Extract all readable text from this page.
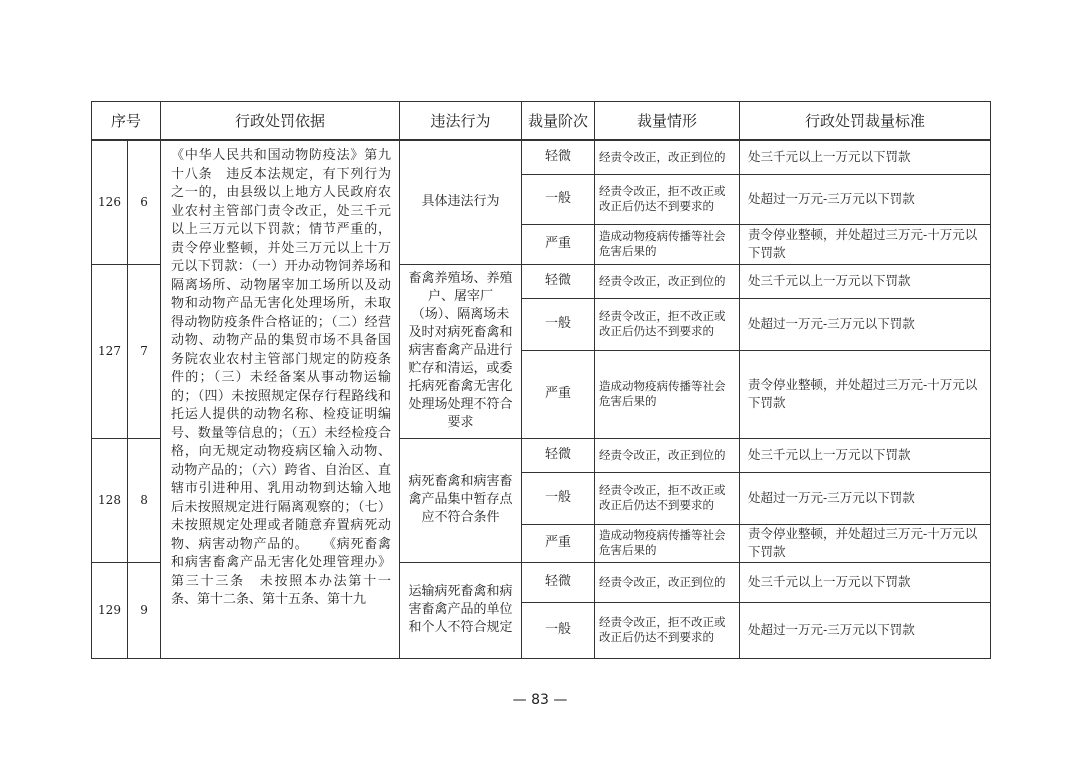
序号		行政处罚依据	违法行为	裁量阶次	裁量情形	行政处罚裁量标准
126	6	《中华人民共和国动物防疫法》第九十八条　违反本法规定，有下列行为之一的，由县级以上地方人民政府农业农村主管部门责令改正，处三千元以上三万元以下罚款；情节严重的，责令停业整顿，并处三万元以上十万元以下罚款：（一）开办动物饲养场和隔离场所、动物屠宰加工场所以及动物和动物产品无害化处理场所，未取得动物防疫条件合格证的；（二）经营动物、动物产品的集贸市场不具备国务院农业农村主管部门规定的防疫条件的；（三）未经备案从事动物运输的；（四）未按照规定保存行程路线和托运人提供的动物名称、检疫证明编号、数量等信息的；（五）未经检疫合格，向无规定动物疫病区输入动物、动物产品的；（六）跨省、自治区、直辖市引进种用、乳用动物到达输入地后未按照规定进行隔离观察的；（七）未按照规定处理或者随意弃置病死动物、病害动物产品的。　　《病死畜禽和病害畜禽产品无害化处理管理办》第三十三条　未按照本办法第十一条、第十二条、第十五条、第十九	具体违法行为	轻微	经责令改正，改正到位的	处三千元以上一万元以下罚款
				一般	经责令改正，拒不改正或改正后仍达不到要求的	处超过一万元-三万元以下罚款
				严重	造成动物疫病传播等社会危害后果的	责令停业整顿，并处超过三万元-十万元以下罚款
127	7		畜禽养殖场、养殖户、屠宰厂（场）、隔离场未及时对病死畜禽和病害畜禽产品进行贮存和清运，或委托病死畜禽无害化处理场处理不符合要求	轻微	经责令改正，改正到位的	处三千元以上一万元以下罚款
				一般	经责令改正，拒不改正或改正后仍达不到要求的	处超过一万元-三万元以下罚款
				严重	造成动物疫病传播等社会危害后果的	责令停业整顿，并处超过三万元-十万元以下罚款
128	8		病死畜禽和病害畜禽产品集中暂存点应不符合条件	轻微	经责令改正，改正到位的	处三千元以上一万元以下罚款
				一般	经责令改正，拒不改正或改正后仍达不到要求的	处超过一万元-三万元以下罚款
				严重	造成动物疫病传播等社会危害后果的	责令停业整顿，并处超过三万元-十万元以下罚款
129	9		运输病死畜禽和病害畜禽产品的单位和个人不符合规定	轻微	经责令改正，改正到位的	处三千元以上一万元以下罚款
				一般	经责令改正，拒不改正或改正后仍达不到要求的	处超过一万元-三万元以下罚款
— 83 —
